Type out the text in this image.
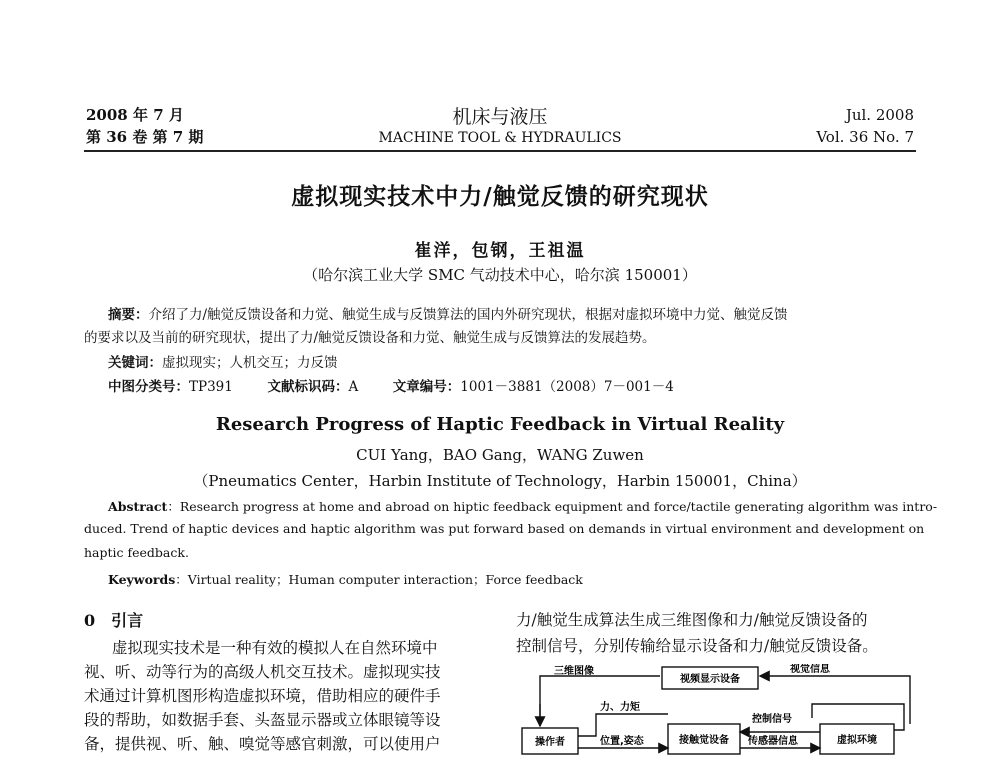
2008 年 7 月
第 36 卷 第 7 期
机床与液压
MACHINE TOOL & HYDRAULICS
Jul. 2008
Vol. 36 No. 7
虚拟现实技术中力/触觉反馈的研究现状
崔洋，包钢，王祖温
（哈尔滨工业大学 SMC 气动技术中心，哈尔滨 150001）
摘要：介绍了力/触觉反馈设备和力觉、触觉生成与反馈算法的国内外研究现状，根据对虚拟环境中力觉、触觉反馈
的要求以及当前的研究现状，提出了力/触觉反馈设备和力觉、触觉生成与反馈算法的发展趋势。
关键词：虚拟现实；人机交互；力反馈
中图分类号：TP391	文献标识码：A	文章编号：1001－3881（2008）7－001－4
Research Progress of Haptic Feedback in Virtual Reality
CUI Yang，BAO Gang，WANG Zuwen
（Pneumatics Center，Harbin Institute of Technology，Harbin 150001，China）
Abstract：Research progress at home and abroad on hiptic feedback equipment and force/tactile generating algorithm was intro-
duced. Trend of haptic devices and haptic algorithm was put forward based on demands in virtual environment and development on
haptic feedback.
Keywords：Virtual reality；Human computer interaction；Force feedback
0 引言
虚拟现实技术是一种有效的模拟人在自然环境中
视、听、动等行为的高级人机交互技术。虚拟现实技
术通过计算机图形构造虚拟环境，借助相应的硬件手
段的帮助，如数据手套、头盔显示器或立体眼镜等设
备，提供视、听、触、嗅觉等感官刺激，可以使用户
力/触觉生成算法生成三维图像和力/触觉反馈设备的
控制信号，分别传输给显示设备和力/触觉反馈设备。
三维图像
视频显示设备
视觉信息
力、力矩
控制信号
操作者	位置,姿态	接触觉设备 传感器信息	虚拟环境
